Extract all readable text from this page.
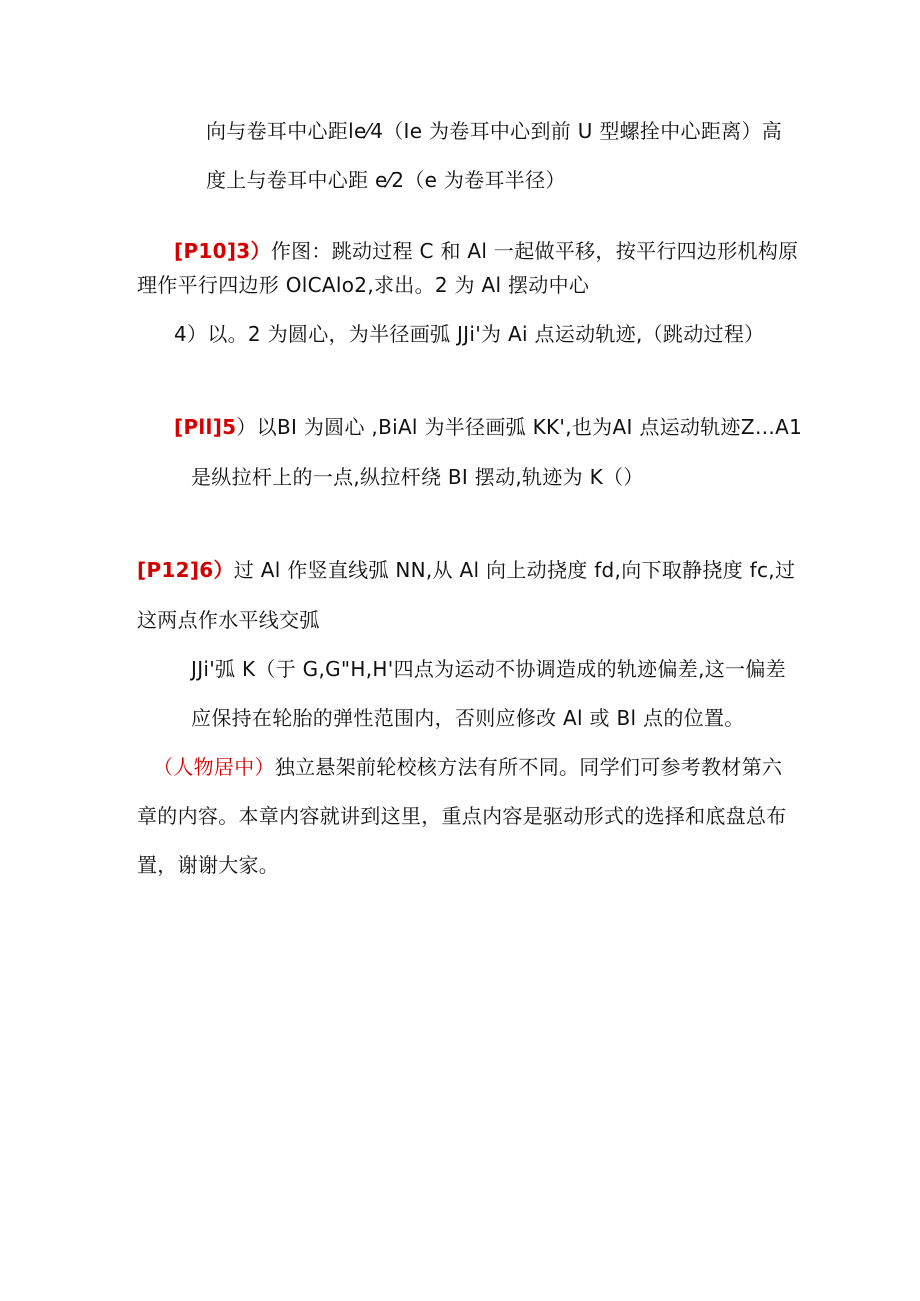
向与卷耳中心距le⁄4（Ie 为卷耳中心到前 U 型螺拴中心距离）高
度上与卷耳中心距 e⁄2（e 为卷耳半径）
[P10]3）作图：跳动过程 C 和 Al 一起做平移，按平行四边形机构原
理作平行四边形 OlCAlo2,求出。2 为 Al 摆动中心
4）以。2 为圆心，为半径画弧 JJi'为 Ai 点运动轨迹,（跳动过程）
[Pll]5）以BI 为圆心 ,BiAl 为半径画弧 KK',也为AI 点运动轨迹Z…A1
是纵拉杆上的一点,纵拉杆绕 BI 摆动,轨迹为 K（）
[P12]6）过 Al 作竖直线弧 NN,从 Al 向上动挠度 fd,向下取静挠度 fc,过
这两点作水平线交弧
JJi'弧 K（于 G,G"H,H'四点为运动不协调造成的轨迹偏差,这一偏差
应保持在轮胎的弹性范围内，否则应修改 Al 或 Bl 点的位置。
（人物居中）独立悬架前轮校核方法有所不同。同学们可参考教材第六
章的内容。本章内容就讲到这里，重点内容是驱动形式的选择和底盘总布
置，谢谢大家。
